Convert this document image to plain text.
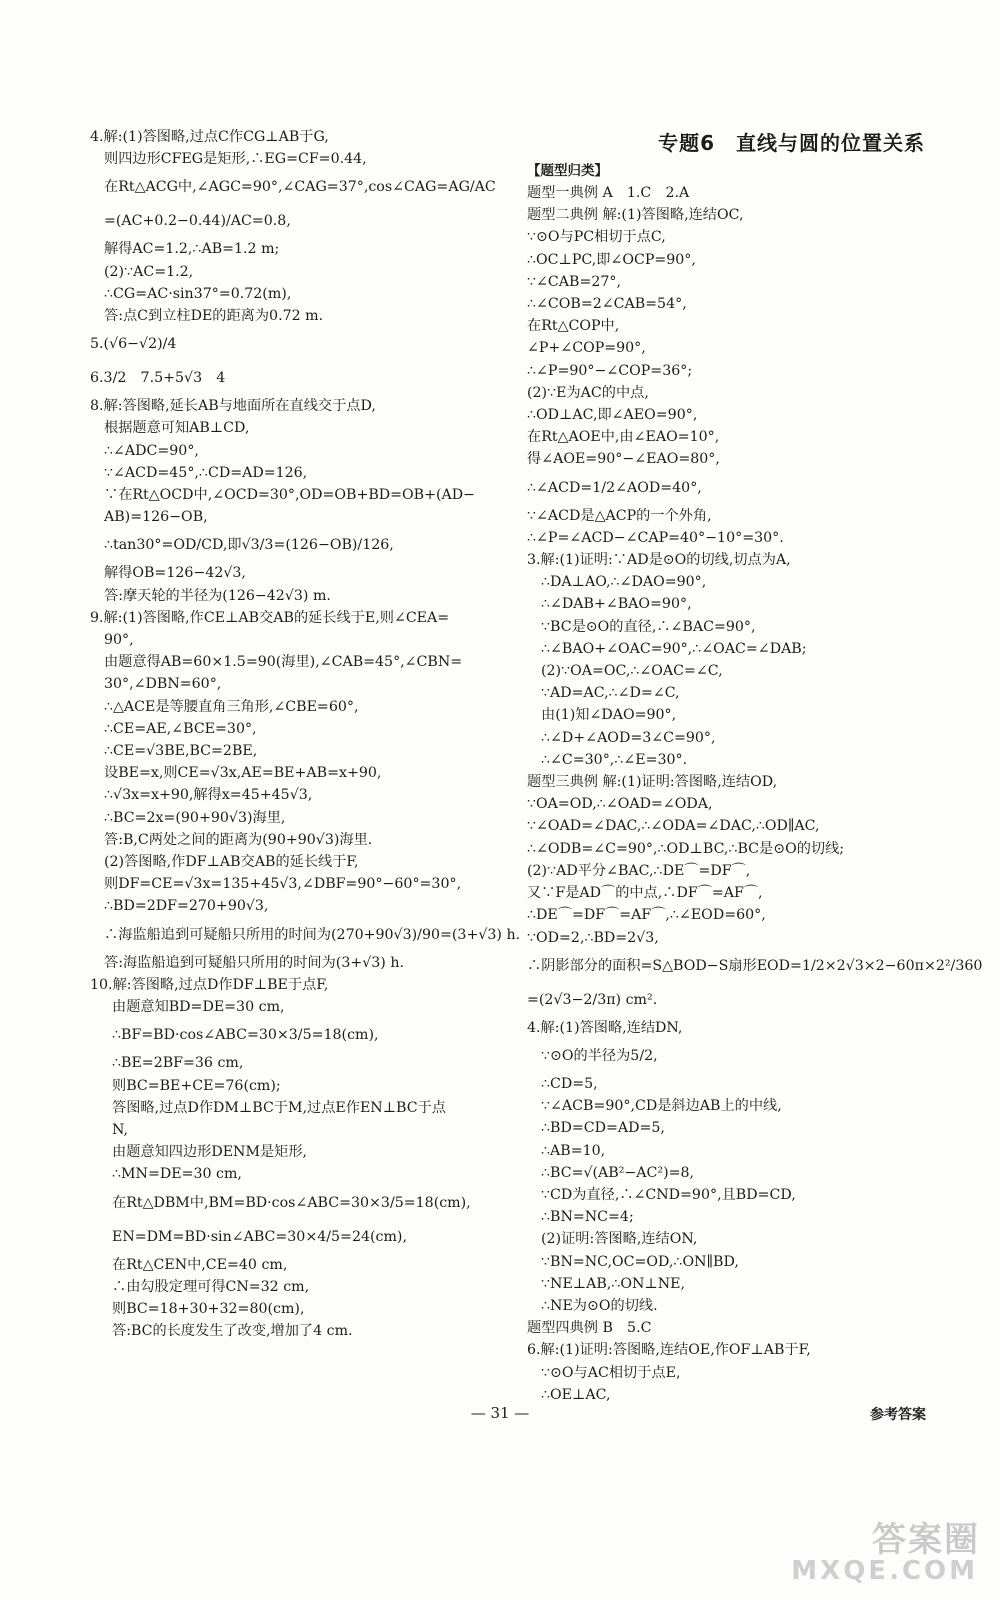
4.解:(1)答图略,过点C作CG⊥AB于G,
则四边形CFEG是矩形,∴EG=CF=0.44,
在Rt△ACG中,∠AGC=90°,∠CAG=37°,cos∠CAG=AG/AC
=(AC+0.2−0.44)/AC=0.8,
解得AC=1.2,∴AB=1.2 m;
(2)∵AC=1.2,
∴CG=AC·sin37°=0.72(m),
答:点C到立柱DE的距离为0.72 m.
5.(√6−√2)/4
6.3/2　7.5+5√3　4
8.解:答图略,延长AB与地面所在直线交于点D,
根据题意可知AB⊥CD,
∴∠ADC=90°,
∵∠ACD=45°,∴CD=AD=126,
∵在Rt△OCD中,∠OCD=30°,OD=OB+BD=OB+(AD−
AB)=126−OB,
∴tan30°=OD/CD,即√3/3=(126−OB)/126,
解得OB=126−42√3,
答:摩天轮的半径为(126−42√3) m.
9.解:(1)答图略,作CE⊥AB交AB的延长线于E,则∠CEA=
90°,
由题意得AB=60×1.5=90(海里),∠CAB=45°,∠CBN=
30°,∠DBN=60°,
∴△ACE是等腰直角三角形,∠CBE=60°,
∴CE=AE,∠BCE=30°,
∴CE=√3BE,BC=2BE,
设BE=x,则CE=√3x,AE=BE+AB=x+90,
∴√3x=x+90,解得x=45+45√3,
∴BC=2x=(90+90√3)海里,
答:B,C两处之间的距离为(90+90√3)海里.
(2)答图略,作DF⊥AB交AB的延长线于F,
则DF=CE=√3x=135+45√3,∠DBF=90°−60°=30°,
∴BD=2DF=270+90√3,
∴海监船追到可疑船只所用的时间为(270+90√3)/90=(3+√3) h.
答:海监船追到可疑船只所用的时间为(3+√3) h.
10.解:答图略,过点D作DF⊥BE于点F,
由题意知BD=DE=30 cm,
∴BF=BD·cos∠ABC=30×3/5=18(cm),
∴BE=2BF=36 cm,
则BC=BE+CE=76(cm);
答图略,过点D作DM⊥BC于M,过点E作EN⊥BC于点
N,
由题意知四边形DENM是矩形,
∴MN=DE=30 cm,
在Rt△DBM中,BM=BD·cos∠ABC=30×3/5=18(cm),
EN=DM=BD·sin∠ABC=30×4/5=24(cm),
在Rt△CEN中,CE=40 cm,
∴由勾股定理可得CN=32 cm,
则BC=18+30+32=80(cm),
答:BC的长度发生了改变,增加了4 cm.
专题6　直线与圆的位置关系
【题型归类】
题型一典例 A　1.C　2.A
题型二典例 解:(1)答图略,连结OC,
∵⊙O与PC相切于点C,
∴OC⊥PC,即∠OCP=90°,
∵∠CAB=27°,
∴∠COB=2∠CAB=54°,
在Rt△COP中,
∠P+∠COP=90°,
∴∠P=90°−∠COP=36°;
(2)∵E为AC的中点,
∴OD⊥AC,即∠AEO=90°,
在Rt△AOE中,由∠EAO=10°,
得∠AOE=90°−∠EAO=80°,
∴∠ACD=1/2∠AOD=40°,
∵∠ACD是△ACP的一个外角,
∴∠P=∠ACD−∠CAP=40°−10°=30°.
3.解:(1)证明:∵AD是⊙O的切线,切点为A,
∴DA⊥AO,∴∠DAO=90°,
∴∠DAB+∠BAO=90°,
∵BC是⊙O的直径,∴∠BAC=90°,
∴∠BAO+∠OAC=90°,∴∠OAC=∠DAB;
(2)∵OA=OC,∴∠OAC=∠C,
∵AD=AC,∴∠D=∠C,
由(1)知∠DAO=90°,
∴∠D+∠AOD=3∠C=90°,
∴∠C=30°,∴∠E=30°.
题型三典例 解:(1)证明:答图略,连结OD,
∵OA=OD,∴∠OAD=∠ODA,
∵∠OAD=∠DAC,∴∠ODA=∠DAC,∴OD∥AC,
∴∠ODB=∠C=90°,∴OD⊥BC,∴BC是⊙O的切线;
(2)∵AD平分∠BAC,∴DE⌒=DF⌒,
又∵F是AD⌒的中点,∴DF⌒=AF⌒,
∴DE⌒=DF⌒=AF⌒,∴∠EOD=60°,
∵OD=2,∴BD=2√3,
∴阴影部分的面积=S△BOD−S扇形EOD=1/2×2√3×2−60π×2²/360
=(2√3−2/3π) cm².
4.解:(1)答图略,连结DN,
∵⊙O的半径为5/2,
∴CD=5,
∵∠ACB=90°,CD是斜边AB上的中线,
∴BD=CD=AD=5,
∴AB=10,
∴BC=√(AB²−AC²)=8,
∵CD为直径,∴∠CND=90°,且BD=CD,
∴BN=NC=4;
(2)证明:答图略,连结ON,
∵BN=NC,OC=OD,∴ON∥BD,
∵NE⊥AB,∴ON⊥NE,
∴NE为⊙O的切线.
题型四典例 B　5.C
6.解:(1)证明:答图略,连结OE,作OF⊥AB于F,
∵⊙O与AC相切于点E,
∴OE⊥AC,
— 31 —	参考答案
答案圈
MXQE.COM
